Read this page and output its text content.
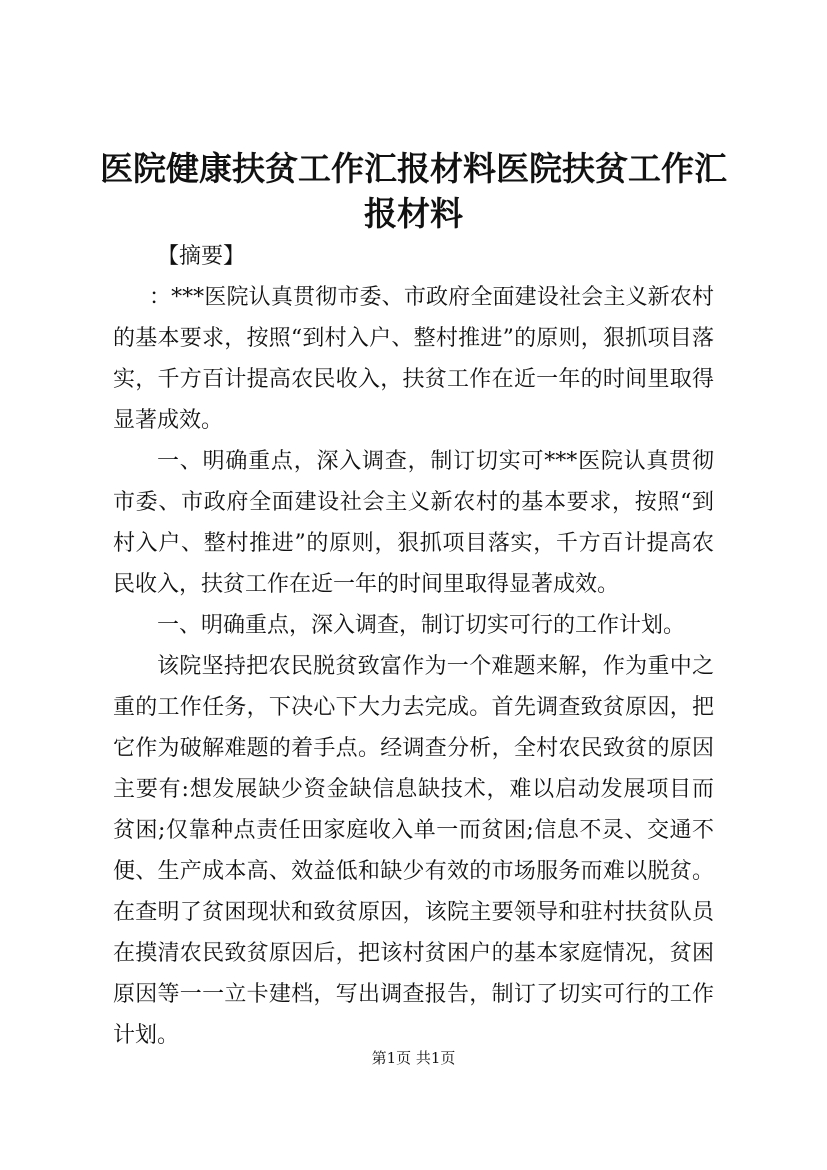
医院健康扶贫工作汇报材料医院扶贫工作汇报材料

【摘要】

：***医院认真贯彻市委、市政府全面建设社会主义新农村的基本要求，按照“到村入户、整村推进”的原则，狠抓项目落实，千方百计提高农民收入，扶贫工作在近一年的时间里取得显著成效。

一、明确重点，深入调查，制订切实可***医院认真贯彻市委、市政府全面建设社会主义新农村的基本要求，按照“到村入户、整村推进”的原则，狠抓项目落实，千方百计提高农民收入，扶贫工作在近一年的时间里取得显著成效。

一、明确重点，深入调查，制订切实可行的工作计划。

该院坚持把农民脱贫致富作为一个难题来解，作为重中之重的工作任务，下决心下大力去完成。首先调查致贫原因，把它作为破解难题的着手点。经调查分析，全村农民致贫的原因主要有:想发展缺少资金缺信息缺技术，难以启动发展项目而贫困;仅靠种点责任田家庭收入单一而贫困;信息不灵、交通不便、生产成本高、效益低和缺少有效的市场服务而难以脱贫。在查明了贫困现状和致贫原因，该院主要领导和驻村扶贫队员在摸清农民致贫原因后，把该村贫困户的基本家庭情况，贫困原因等一一立卡建档，写出调查报告，制订了切实可行的工作计划。

第1页 共1页
